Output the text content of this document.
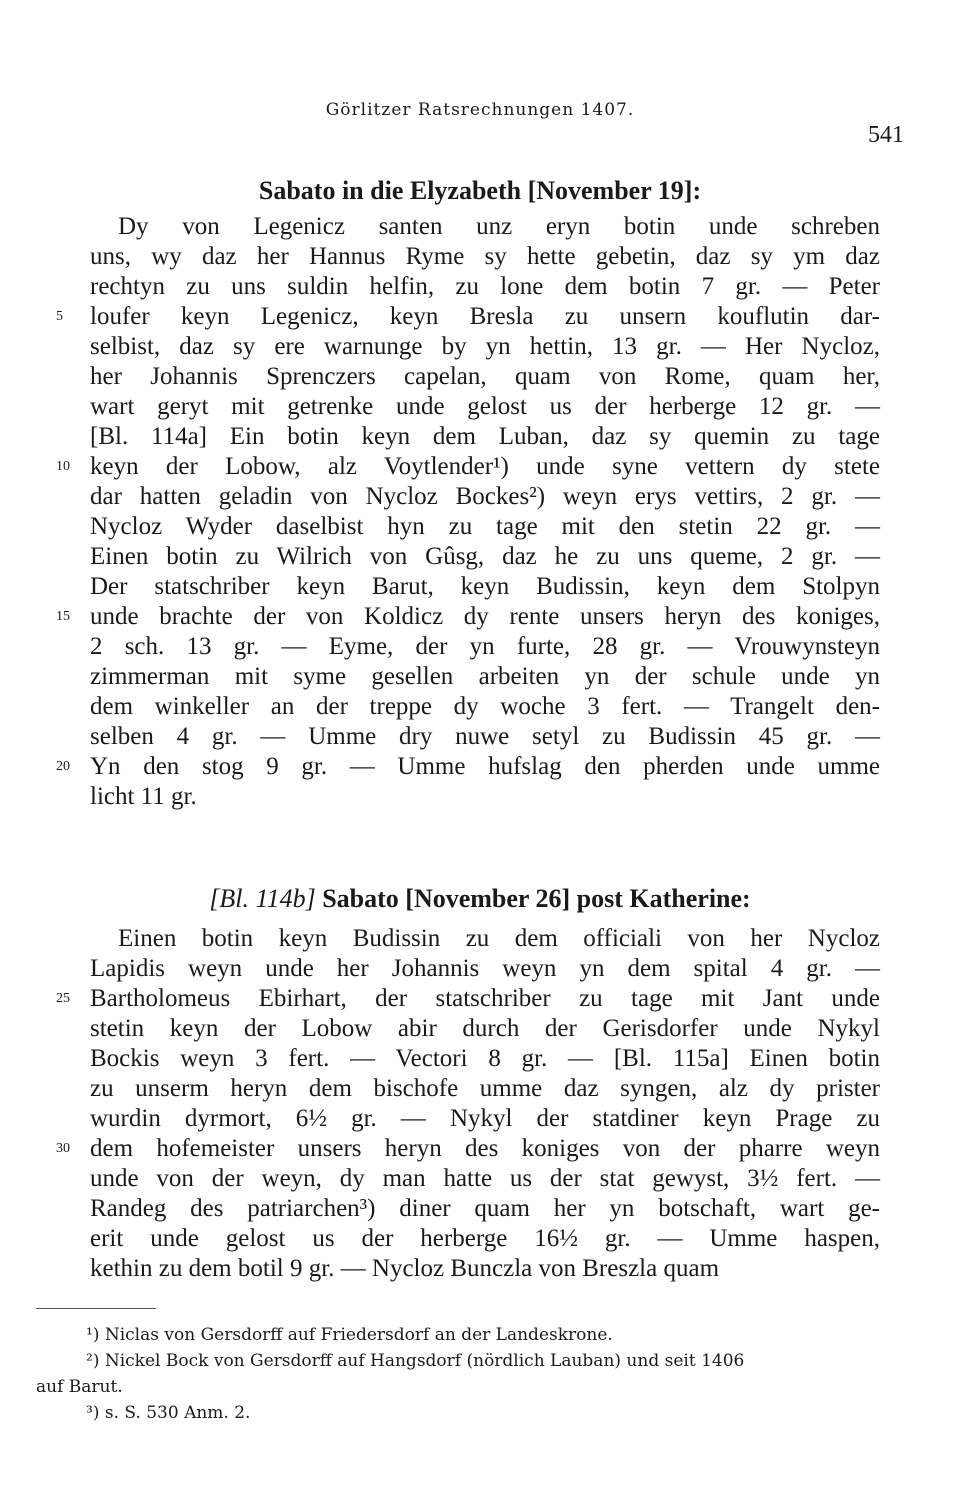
Görlitzer Ratsrechnungen 1407.
541
Sabato in die Elyzabeth [November 19]:
Dy von Legenicz santen unz eryn botin unde schreben
uns, wy daz her Hannus Ryme sy hette gebetin, daz sy ym daz
rechtyn zu uns suldin helfin, zu lone dem botin 7 gr. — Peter
loufer keyn Legenicz, keyn Bresla zu unsern kouflutin dar-
5
selbist, daz sy ere warnunge by yn hettin, 13 gr. — Her Nycloz,
her Johannis Sprenczers capelan, quam von Rome, quam her,
wart geryt mit getrenke unde gelost us der herberge 12 gr. —
[Bl. 114a] Ein botin keyn dem Luban, daz sy quemin zu tage
keyn der Lobow, alz Voytlender¹) unde syne vettern dy stete
10
dar hatten geladin von Nycloz Bockes²) weyn erys vettirs, 2 gr. —
Nycloz Wyder daselbist hyn zu tage mit den stetin 22 gr. —
Einen botin zu Wilrich von Gûsg, daz he zu uns queme, 2 gr. —
Der statschriber keyn Barut, keyn Budissin, keyn dem Stolpyn
unde brachte der von Koldicz dy rente unsers heryn des koniges,
15
2 sch. 13 gr. — Eyme, der yn furte, 28 gr. — Vrouwynsteyn
zimmerman mit syme gesellen arbeiten yn der schule unde yn
dem winkeller an der treppe dy woche 3 fert. — Trangelt den-
selben 4 gr. — Umme dry nuwe setyl zu Budissin 45 gr. —
Yn den stog 9 gr. — Umme hufslag den pherden unde umme
20
licht 11 gr.
[Bl. 114b] Sabato [November 26] post Katherine:
Einen botin keyn Budissin zu dem officiali von her Nycloz
Lapidis weyn unde her Johannis weyn yn dem spital 4 gr. —
Bartholomeus Ebirhart, der statschriber zu tage mit Jant unde
25
stetin keyn der Lobow abir durch der Gerisdorfer unde Nykyl
Bockis weyn 3 fert. — Vectori 8 gr. — [Bl. 115a] Einen botin
zu unserm heryn dem bischofe umme daz syngen, alz dy prister
wurdin dyrmort, 6½ gr. — Nykyl der statdiner keyn Prage zu
dem hofemeister unsers heryn des koniges von der pharre weyn
30
unde von der weyn, dy man hatte us der stat gewyst, 3½ fert. —
Randeg des patriarchen³) diner quam her yn botschaft, wart ge-
erit unde gelost us der herberge 16½ gr. — Umme haspen,
kethin zu dem botil 9 gr. — Nycloz Bunczla von Breszla quam
¹) Niclas von Gersdorff auf Friedersdorf an der Landeskrone.
²) Nickel Bock von Gersdorff auf Hangsdorf (nördlich Lauban) und seit 1406
auf Barut.
³) s. S. 530 Anm. 2.
